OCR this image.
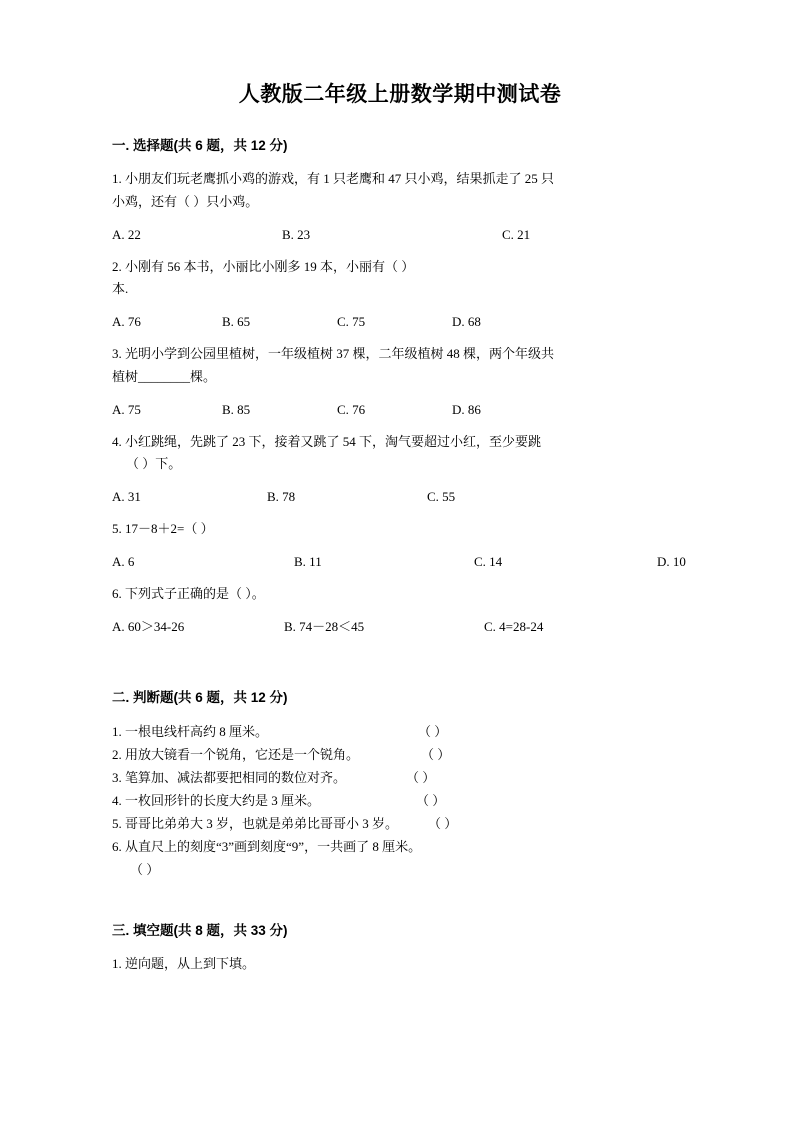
人教版二年级上册数学期中测试卷
一. 选择题(共 6 题，共 12 分)

1. 小朋友们玩老鹰抓小鸡的游戏，有 1 只老鹰和 47 只小鸡，结果抓走了 25 只
小鸡，还有（ ）只小鸡。

A. 22	B. 23	C. 21

2. 小刚有 56 本书，小丽比小刚多 19 本，小丽有（ ）
本.

A. 76	B. 65	C. 75	D. 68

3. 光明小学到公园里植树，一年级植树 37 棵，二年级植树 48 棵，两个年级共
植树________棵。

A. 75	B. 85	C. 76	D. 86

4. 小红跳绳，先跳了 23 下，接着又跳了 54 下，淘气要超过小红，至少要跳
（ ）下。

A. 31	B. 78	C. 55

5. 17－8＋2=（ ）

A. 6	B. 11	C. 14	D. 10

6. 下列式子正确的是（ ）。

A. 60＞34-26	B. 74－28＜45	C. 4=28-24
二. 判断题(共 6 题，共 12 分)

1. 一根电线杆高约 8 厘米。	（ ）

2. 用放大镜看一个锐角，它还是一个锐角。	（ ）

3. 笔算加、减法都要把相同的数位对齐。	（ ）

4. 一枚回形针的长度大约是 3 厘米。	（ ）

5. 哥哥比弟弟大 3 岁，也就是弟弟比哥哥小 3 岁。 （ ）

6. 从直尺上的刻度“3”画到刻度“9”，一共画了 8 厘米。

（ ）

三. 填空题(共 8 题，共 33 分)

1. 逆向题，从上到下填。
